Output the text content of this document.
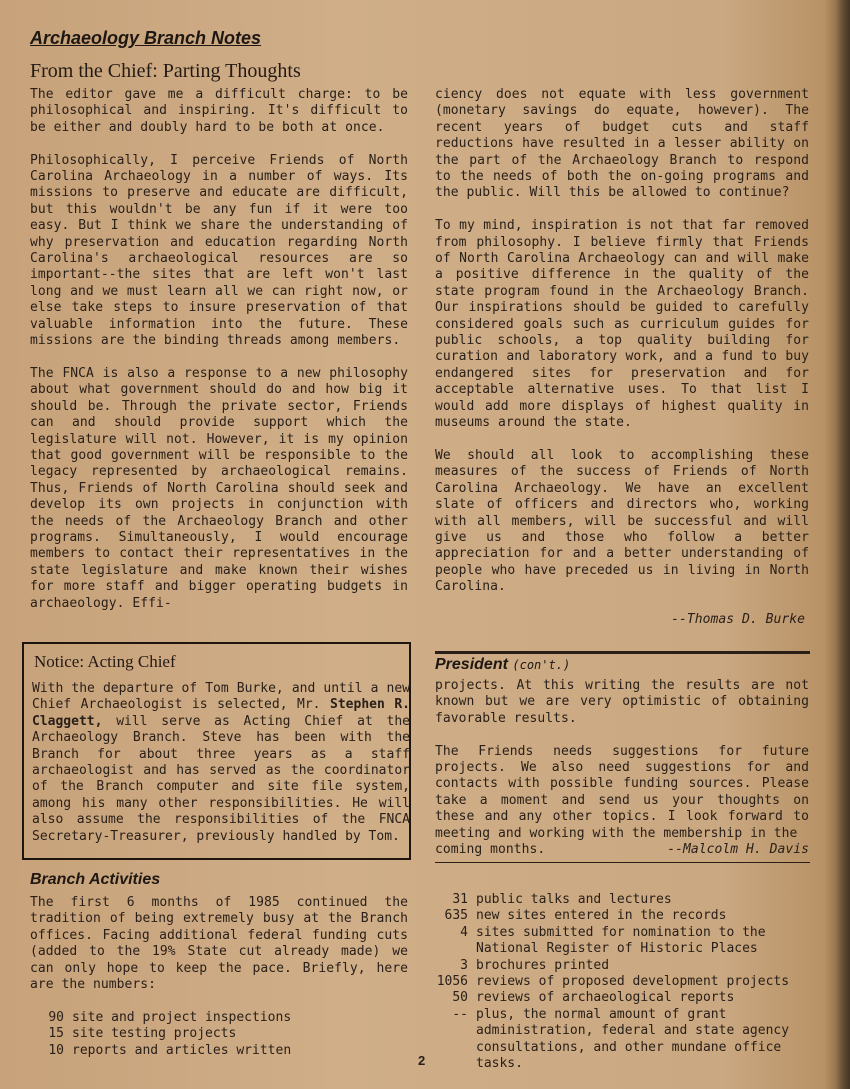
Archaeology Branch Notes
From the Chief: Parting Thoughts

The editor gave me a difficult charge: to be philosophical and inspiring. It's difficult to be either and doubly hard to be both at once.

Philosophically, I perceive Friends of North Carolina Archaeology in a number of ways. Its missions to preserve and educate are difficult, but this wouldn't be any fun if it were too easy. But I think we share the understanding of why preservation and education regarding North Carolina's archaeological resources are so important--the sites that are left won't last long and we must learn all we can right now, or else take steps to insure preservation of that valuable information into the future. These missions are the binding threads among members.

The FNCA is also a response to a new philosophy about what government should do and how big it should be. Through the private sector, Friends can and should provide support which the legislature will not. However, it is my opinion that good government will be responsible to the legacy represented by archaeological remains. Thus, Friends of North Carolina should seek and develop its own projects in conjunction with the needs of the Archaeology Branch and other programs. Simultaneously, I would encourage members to contact their representatives in the state legislature and make known their wishes for more staff and bigger operating budgets in archaeology. Effi-

ciency does not equate with less government (monetary savings do equate, however). The recent years of budget cuts and staff reductions have resulted in a lesser ability on the part of the Archaeology Branch to respond to the needs of both the on-going programs and the public. Will this be allowed to continue?

To my mind, inspiration is not that far removed from philosophy. I believe firmly that Friends of North Carolina Archaeology can and will make a positive difference in the quality of the state program found in the Archaeology Branch. Our inspirations should be guided to carefully considered goals such as curriculum guides for public schools, a top quality building for curation and laboratory work, and a fund to buy endangered sites for preservation and for acceptable alternative uses. To that list I would add more displays of highest quality in museums around the state.

We should all look to accomplishing these measures of the success of Friends of North Carolina Archaeology. We have an excellent slate of officers and directors who, working with all members, will be successful and will give us and those who follow a better appreciation for and a better understanding of people who have preceded us in living in North Carolina.

--Thomas D. Burke
Notice: Acting Chief
With the departure of Tom Burke, and until a new Chief Archaeologist is selected, Mr. Stephen R. Claggett, will serve as Acting Chief at the Archaeology Branch. Steve has been with the Branch for about three years as a staff archaeologist and has served as the coordinator of the Branch computer and site file system, among his many other responsibilities. He will also assume the responsibilities of the FNCA Secretary-Treasurer, previously handled by Tom.
President (con't.)

projects. At this writing the results are not known but we are very optimistic of obtaining favorable results.

The Friends needs suggestions for future projects. We also need suggestions for and contacts with possible funding sources. Please take a moment and send us your thoughts on these and any other topics. I look forward to meeting and working with the membership in the
coming months.	--Malcolm H. Davis
Branch Activities
The first 6 months of 1985 continued the tradition of being extremely busy at the Branch offices. Facing additional federal funding cuts (added to the 19% State cut already made) we can only hope to keep the pace. Briefly, here are the numbers:
90 site and project inspections
15 site testing projects
10 reports and articles written
31 public talks and lectures
635 new sites entered in the records
4 sites submitted for nomination to the National Register of Historic Places
3 brochures printed
1056 reviews of proposed development projects
50 reviews of archaeological reports
-- plus, the normal amount of grant administration, federal and state agency consultations, and other mundane office tasks.
2
